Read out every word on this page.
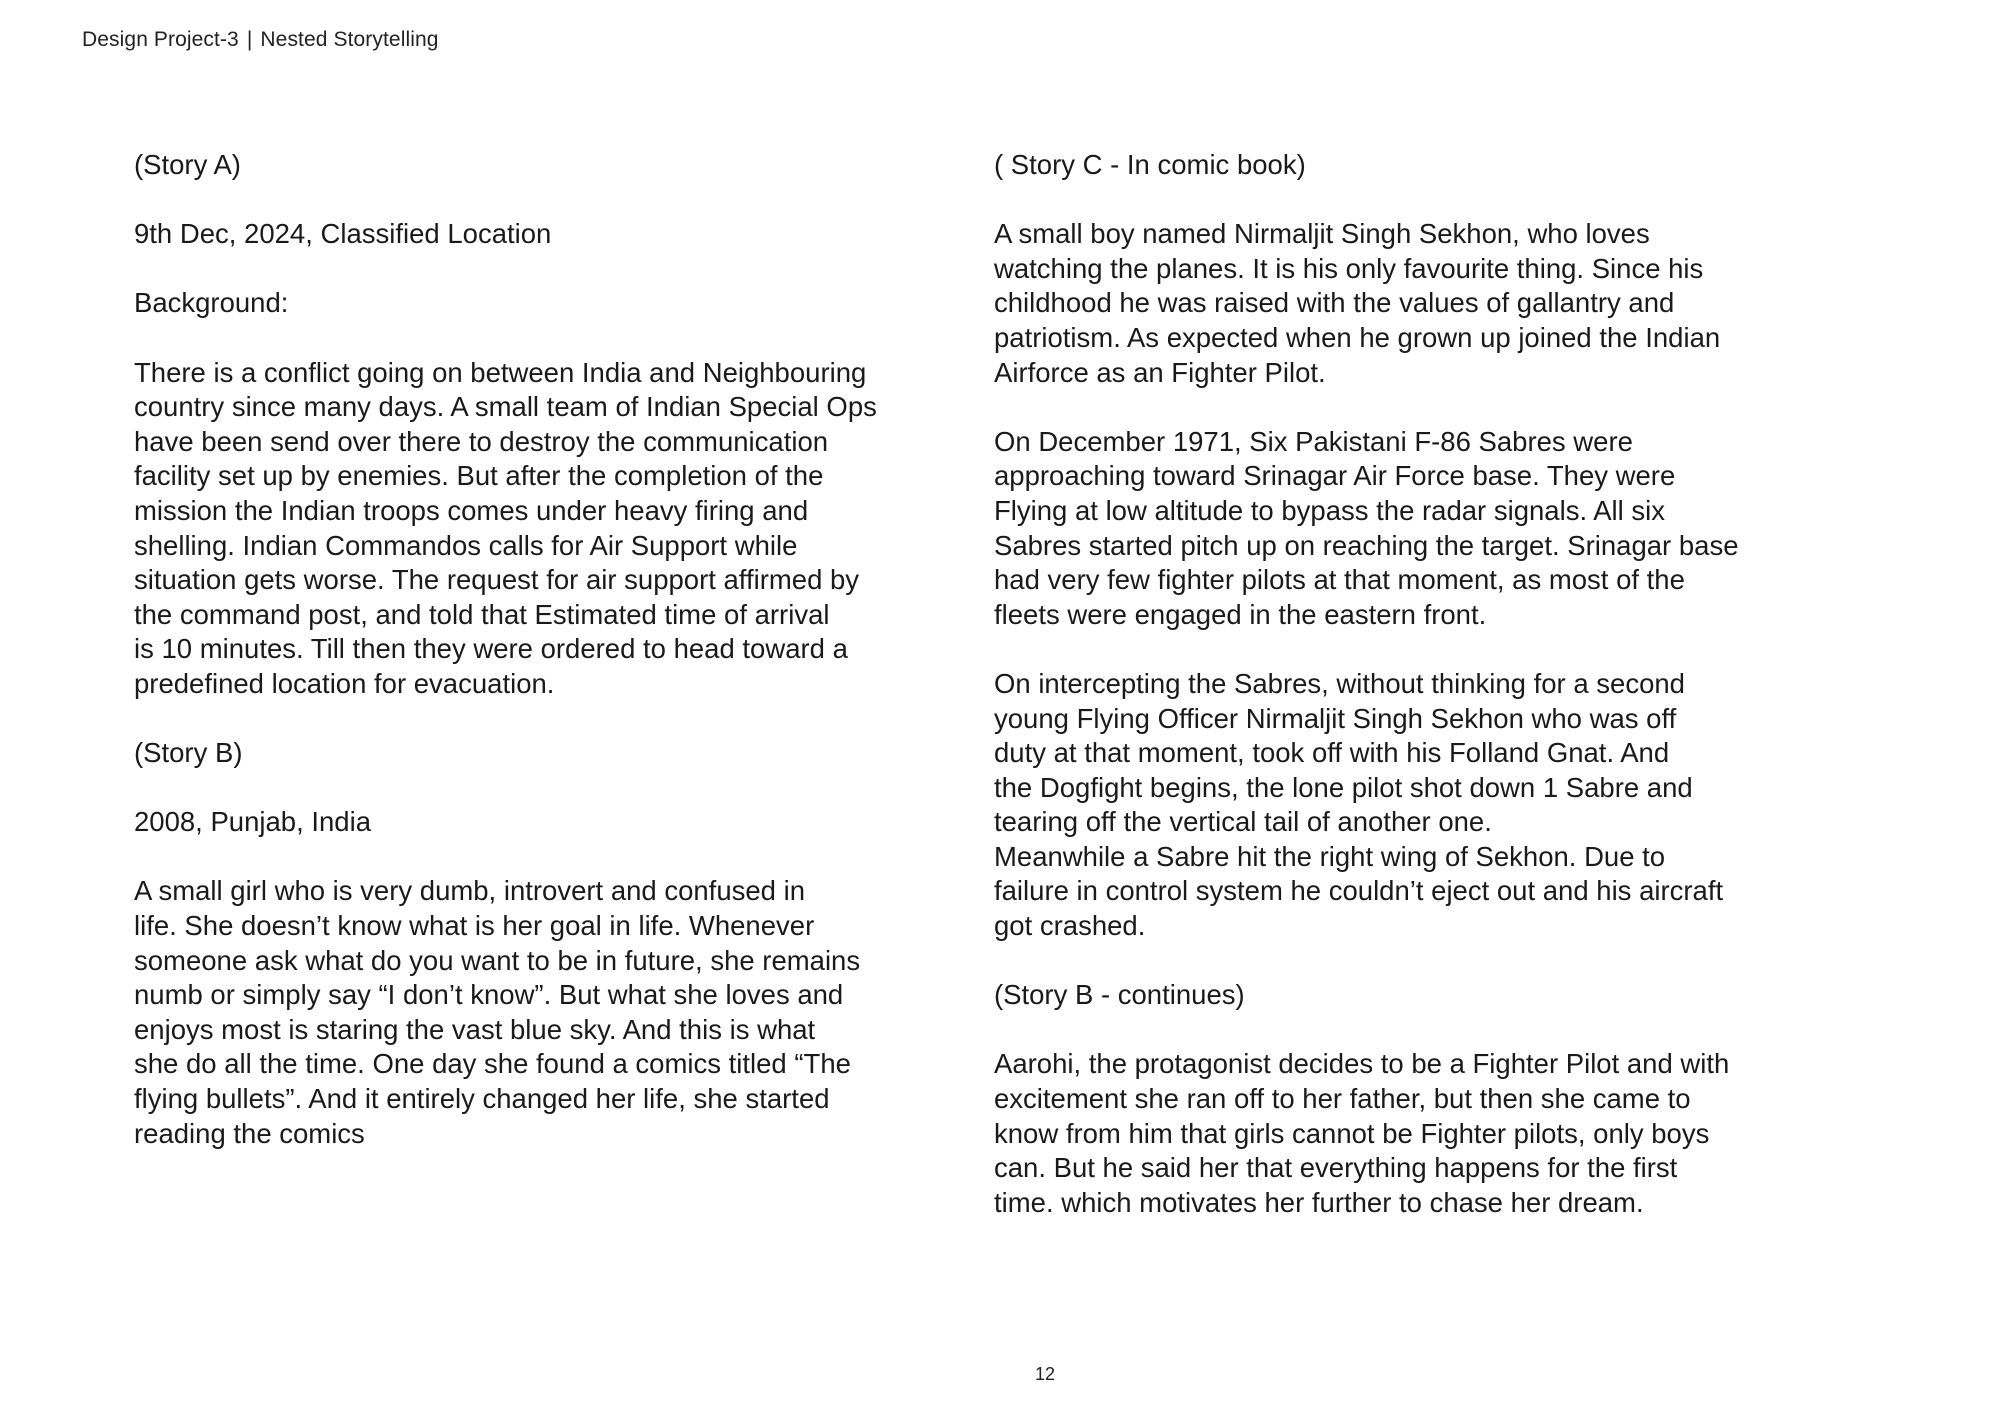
Design Project-3 | Nested Storytelling
(Story A)
9th Dec, 2024, Classified Location
Background:
There is a conflict going on between India and Neighbouring
country since many days. A small team of Indian Special Ops
have been send over there to destroy the communication
facility set up by enemies. But after the completion of the
mission the Indian troops comes under heavy firing and
shelling. Indian Commandos calls for Air Support while
situation gets worse. The request for air support affirmed by
the command post, and told that Estimated time of arrival
is 10 minutes. Till then they were ordered to head toward a
predefined location for evacuation.
(Story B)
2008, Punjab, India
A small girl who is very dumb, introvert and confused in
life. She doesn’t know what is her goal in life. Whenever
someone ask what do you want to be in future, she remains
numb or simply say “I don’t know”. But what she loves and
enjoys most is staring the vast blue sky. And this is what
she do all the time. One day she found a comics titled “The
flying bullets”. And it entirely changed her life, she started
reading the comics
( Story C - In comic book)
A small boy named Nirmaljit Singh Sekhon, who loves
watching the planes. It is his only favourite thing. Since his
childhood he was raised with the values of gallantry and
patriotism. As expected when he grown up joined the Indian
Airforce as an Fighter Pilot.
On December 1971, Six Pakistani F-86 Sabres were
approaching toward Srinagar Air Force base. They were
Flying at low altitude to bypass the radar signals. All six
Sabres started pitch up on reaching the target. Srinagar base
had very few fighter pilots at that moment, as most of the
fleets were engaged in the eastern front.
On intercepting the Sabres, without thinking for a second
young Flying Officer Nirmaljit Singh Sekhon who was off
duty at that moment, took off with his Folland Gnat. And
the Dogfight begins, the lone pilot shot down 1 Sabre and
tearing off the vertical tail of another one.
Meanwhile a Sabre hit the right wing of Sekhon. Due to
failure in control system he couldn’t eject out and his aircraft
got crashed.
(Story B - continues)
Aarohi, the protagonist decides to be a Fighter Pilot and with
excitement she ran off to her father, but then she came to
know from him that girls cannot be Fighter pilots, only boys
can. But he said her that everything happens for the first
time. which motivates her further to chase her dream.
12
